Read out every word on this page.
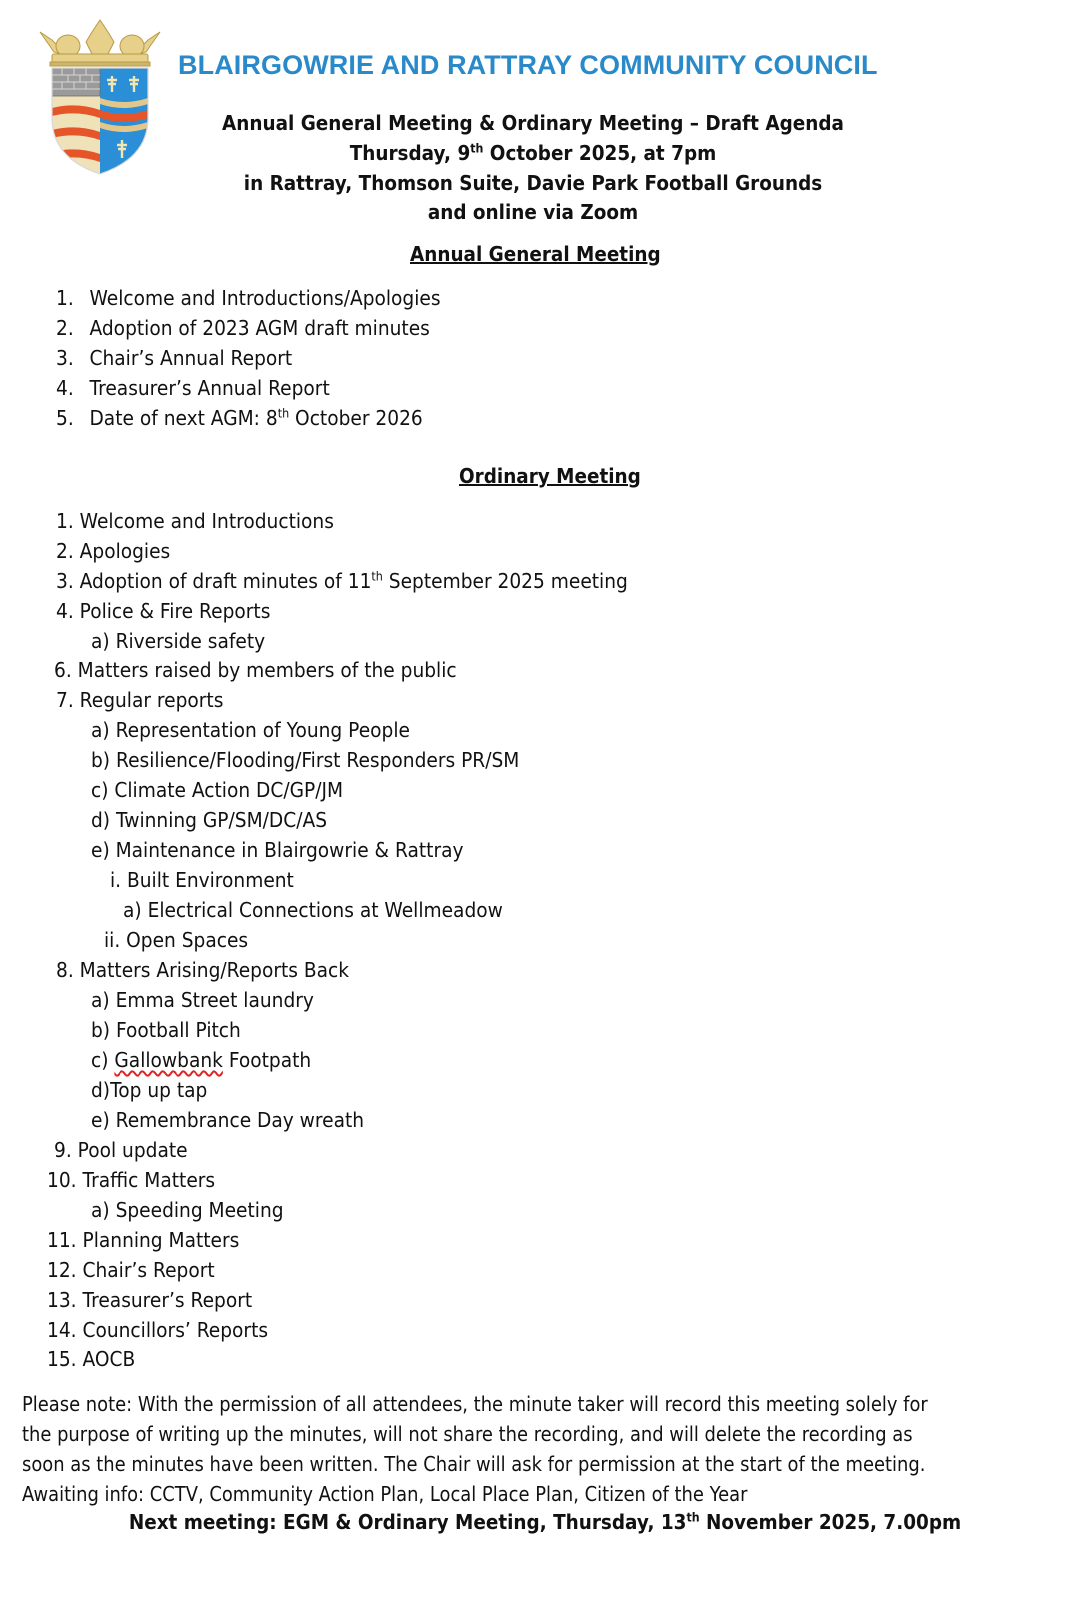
BLAIRGOWRIE AND RATTRAY COMMUNITY COUNCIL
Annual General Meeting & Ordinary Meeting – Draft Agenda
Thursday, 9th October 2025, at 7pm
in Rattray, Thomson Suite, Davie Park Football Grounds
and online via Zoom
Annual General Meeting
1. Welcome and Introductions/Apologies
2. Adoption of 2023 AGM draft minutes
3. Chair’s Annual Report
4. Treasurer’s Annual Report
5. Date of next AGM: 8th October 2026
Ordinary Meeting
1. Welcome and Introductions
2. Apologies
3. Adoption of draft minutes of 11th September 2025 meeting
4. Police & Fire Reports
a) Riverside safety
6. Matters raised by members of the public
7. Regular reports
a) Representation of Young People
b) Resilience/Flooding/First Responders PR/SM
c) Climate Action DC/GP/JM
d) Twinning GP/SM/DC/AS
e) Maintenance in Blairgowrie & Rattray
i. Built Environment
a) Electrical Connections at Wellmeadow
ii. Open Spaces
8. Matters Arising/Reports Back
a) Emma Street laundry
b) Football Pitch
c) Gallowbank Footpath
d)Top up tap
e) Remembrance Day wreath
9. Pool update
10. Traffic Matters
a) Speeding Meeting
11. Planning Matters
12. Chair’s Report
13. Treasurer’s Report
14. Councillors’ Reports
15. AOCB
Please note: With the permission of all attendees, the minute taker will record this meeting solely for
the purpose of writing up the minutes, will not share the recording, and will delete the recording as
soon as the minutes have been written. The Chair will ask for permission at the start of the meeting.
Awaiting info: CCTV, Community Action Plan, Local Place Plan, Citizen of the Year
Next meeting: EGM & Ordinary Meeting, Thursday, 13th November 2025, 7.00pm
